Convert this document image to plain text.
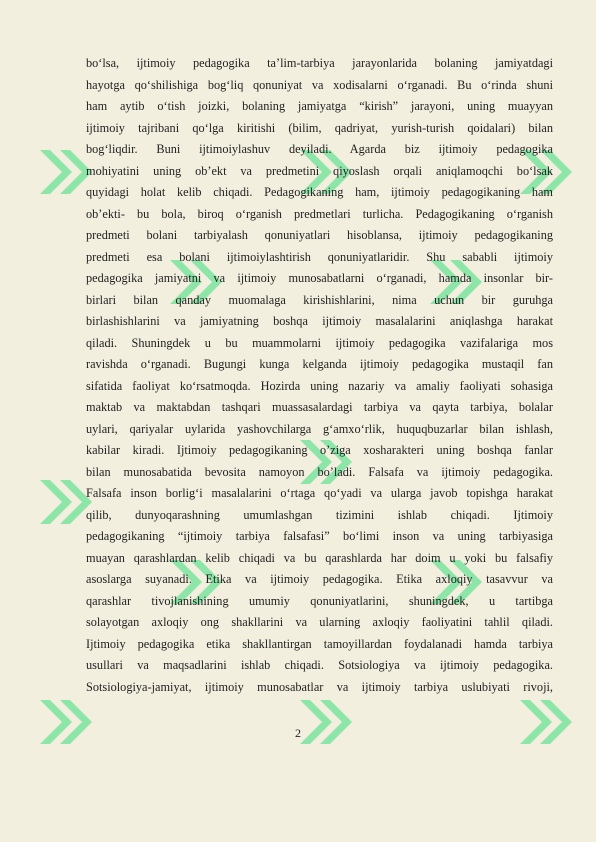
bo‘lsa, ijtimoiy pedagogika ta’lim-tarbiya jarayonlarida bolaning jamiyatdagi
hayotga qo‘shilishiga bog‘liq qonuniyat va xodisalarni o‘rganadi. Bu o‘rinda shuni
ham aytib o‘tish joizki, bolaning jamiyatga “kirish” jarayoni, uning muayyan
ijtimoiy tajribani qo‘lga kiritishi (bilim, qadriyat, yurish-turish qoidalari) bilan
bog‘liqdir. Buni ijtimoiylashuv deyiladi. Agarda biz ijtimoiy pedagogika
mohiyatini uning ob’ekt va predmetini qiyoslash orqali aniqlamoqchi bo‘lsak
quyidagi holat kelib chiqadi. Pedagogikaning ham, ijtimoiy pedagogikaning ham
ob’ekti- bu bola, biroq o‘rganish predmetlari turlicha. Pedagogikaning o‘rganish
predmeti bolani tarbiyalash qonuniyatlari hisoblansa, ijtimoiy pedagogikaning
predmeti esa bolani ijtimoiylashtirish qonuniyatlaridir. Shu sababli ijtimoiy
pedagogika jamiyatni va ijtimoiy munosabatlarni o‘rganadi, hamda insonlar bir-
birlari bilan qanday muomalaga kirishishlarini, nima uchun bir guruhga
birlashishlarini va jamiyatning boshqa ijtimoiy masalalarini aniqlashga harakat
qiladi. Shuningdek u bu muammolarni ijtimoiy pedagogika vazifalariga mos
ravishda o‘rganadi. Bugungi kunga kelganda ijtimoiy pedagogika mustaqil fan
sifatida faoliyat ko‘rsatmoqda. Hozirda uning nazariy va amaliy faoliyati sohasiga
maktab va maktabdan tashqari muassasalardagi tarbiya va qayta tarbiya, bolalar
uylari, qariyalar uylarida yashovchilarga g‘amxo‘rlik, huquqbuzarlar bilan ishlash,
kabilar kiradi. Ijtimoiy pedagogikaning o’ziga xosharakteri uning boshqa fanlar
bilan munosabatida bevosita namoyon bo’ladi. Falsafa va ijtimoiy pedagogika.
Falsafa inson borlig‘i masalalarini o‘rtaga qo‘yadi va ularga javob topishga harakat
qilib, dunyoqarashning umumlashgan tizimini ishlab chiqadi. Ijtimoiy
pedagogikaning “ijtimoiy tarbiya falsafasi” bo‘limi inson va uning tarbiyasiga
muayan qarashlardan kelib chiqadi va bu qarashlarda har doim u yoki bu falsafiy
asoslarga suyanadi. Etika va ijtimoiy pedagogika. Etika axloqiy tasavvur va
qarashlar tivojlanishining umumiy qonuniyatlarini, shuningdek, u tartibga
solayotgan axloqiy ong shakllarini va ularning axloqiy faoliyatini tahlil qiladi.
Ijtimoiy pedagogika etika shakllantirgan tamoyillardan foydalanadi hamda tarbiya
usullari va maqsadlarini ishlab chiqadi. Sotsiologiya va ijtimoiy pedagogika.
Sotsiologiya-jamiyat, ijtimoiy munosabatlar va ijtimoiy tarbiya uslubiyati rivoji,
2
